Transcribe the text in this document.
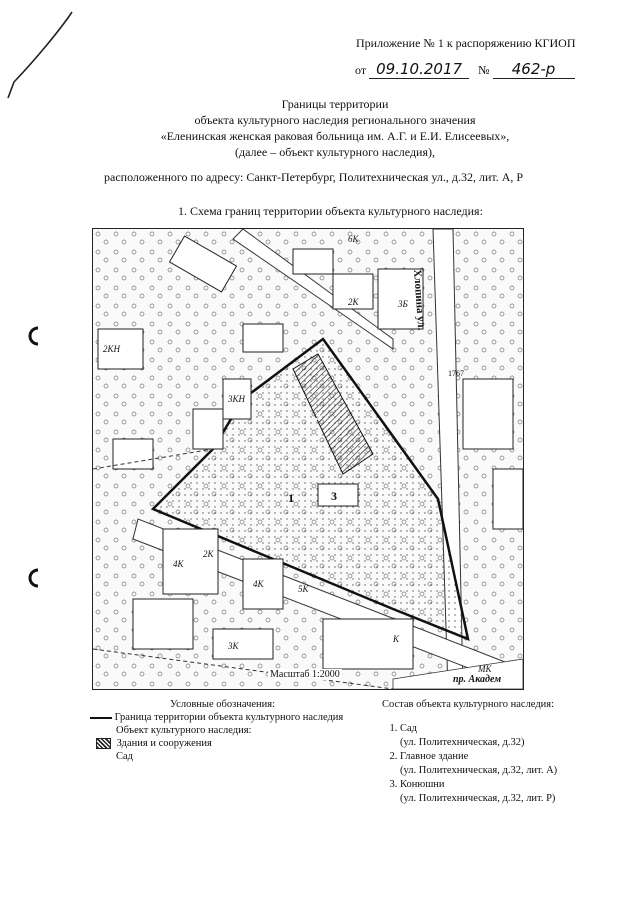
Приложение № 1 к распоряжению КГИОП
от 09.10.2017 № 462-р
Границы территории
объекта культурного наследия регионального значения
«Еленинская женская раковая больница им. А.Г. и Е.И. Елисеевых»,
(далее – объект культурного наследия),
расположенного по адресу: Санкт-Петербург, Политехническая ул., д.32, лит. А, Р
1. Схема границ территории объекта культурного наследия:
Хлопина ул.
пр. Академ
1
2
3
6К
2К	3Б
2КН
3КН
4К
2К
3К
4К
К
МК
1767
5К
Масштаб 1:2000
Условные обозначения:
Граница территории объекта культурного наследия
Объект культурного наследия:
Здания и сооружения
Сад
Состав объекта культурного наследия:
1. Сад
(ул. Политехническая, д.32)
2. Главное здание
(ул. Политехническая, д.32, лит. А)
3. Конюшни
(ул. Политехническая, д.32, лит. Р)
